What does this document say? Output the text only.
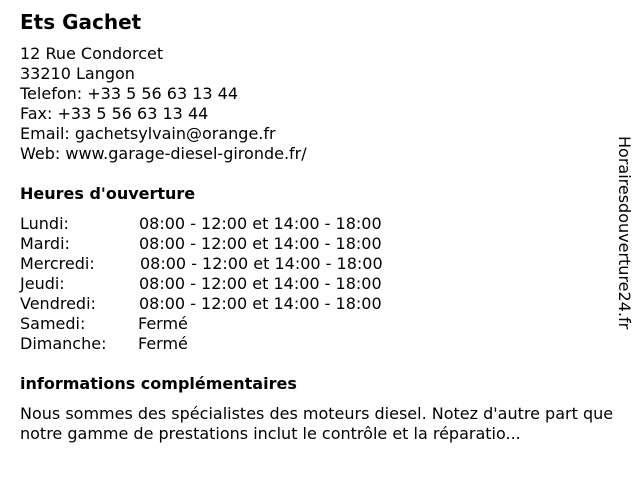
Ets Gachet
12 Rue Condorcet
33210 Langon
Telefon: +33 5 56 63 13 44
Fax: +33 5 56 63 13 44
Email: gachetsylvain@orange.fr
Web: www.garage-diesel-gironde.fr/
Heures d'ouverture
Lundi:	08:00 - 12:00 et 14:00 - 18:00
Mardi:	08:00 - 12:00 et 14:00 - 18:00
Mercredi:	08:00 - 12:00 et 14:00 - 18:00
Jeudi:	08:00 - 12:00 et 14:00 - 18:00
Vendredi:	08:00 - 12:00 et 14:00 - 18:00
Samedi:	Fermé
Dimanche: Fermé
informations complémentaires
Nous sommes des spécialistes des moteurs diesel. Notez d'autre part que notre gamme de prestations inclut le contrôle et la réparatio...
Horairesdouverture24.fr
